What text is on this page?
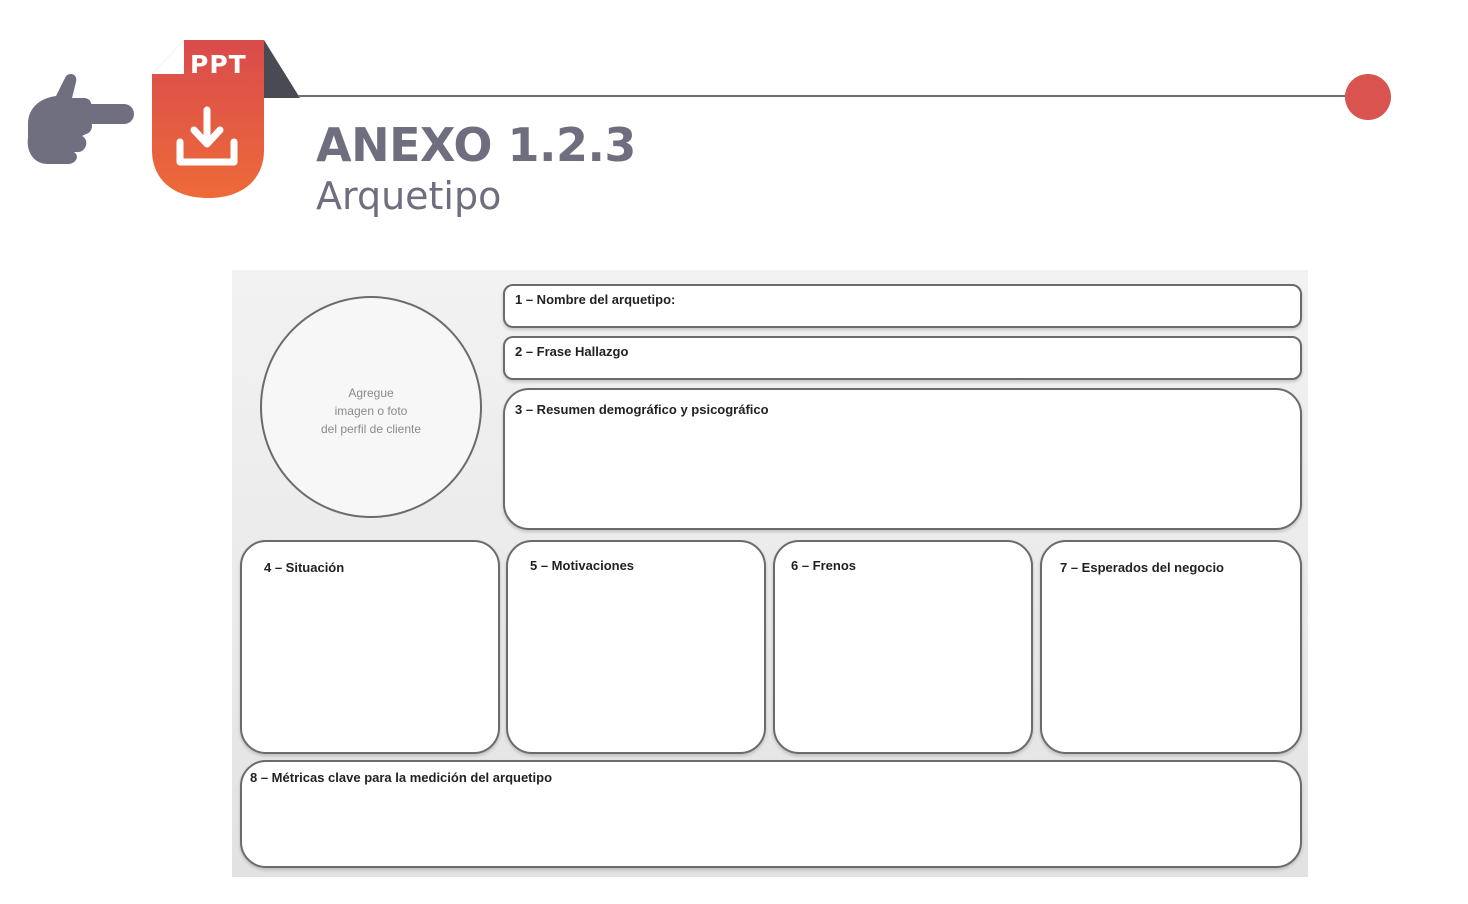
PPT
ANEXO 1.2.3
Arquetipo
Agregue
imagen o foto
del perfil de cliente
1 – Nombre del arquetipo:
2 – Frase Hallazgo
3 – Resumen demográfico y psicográfico
4 – Situación	5 – Motivaciones	6 – Frenos	7 – Esperados del negocio
8 – Métricas clave para la medición del arquetipo
